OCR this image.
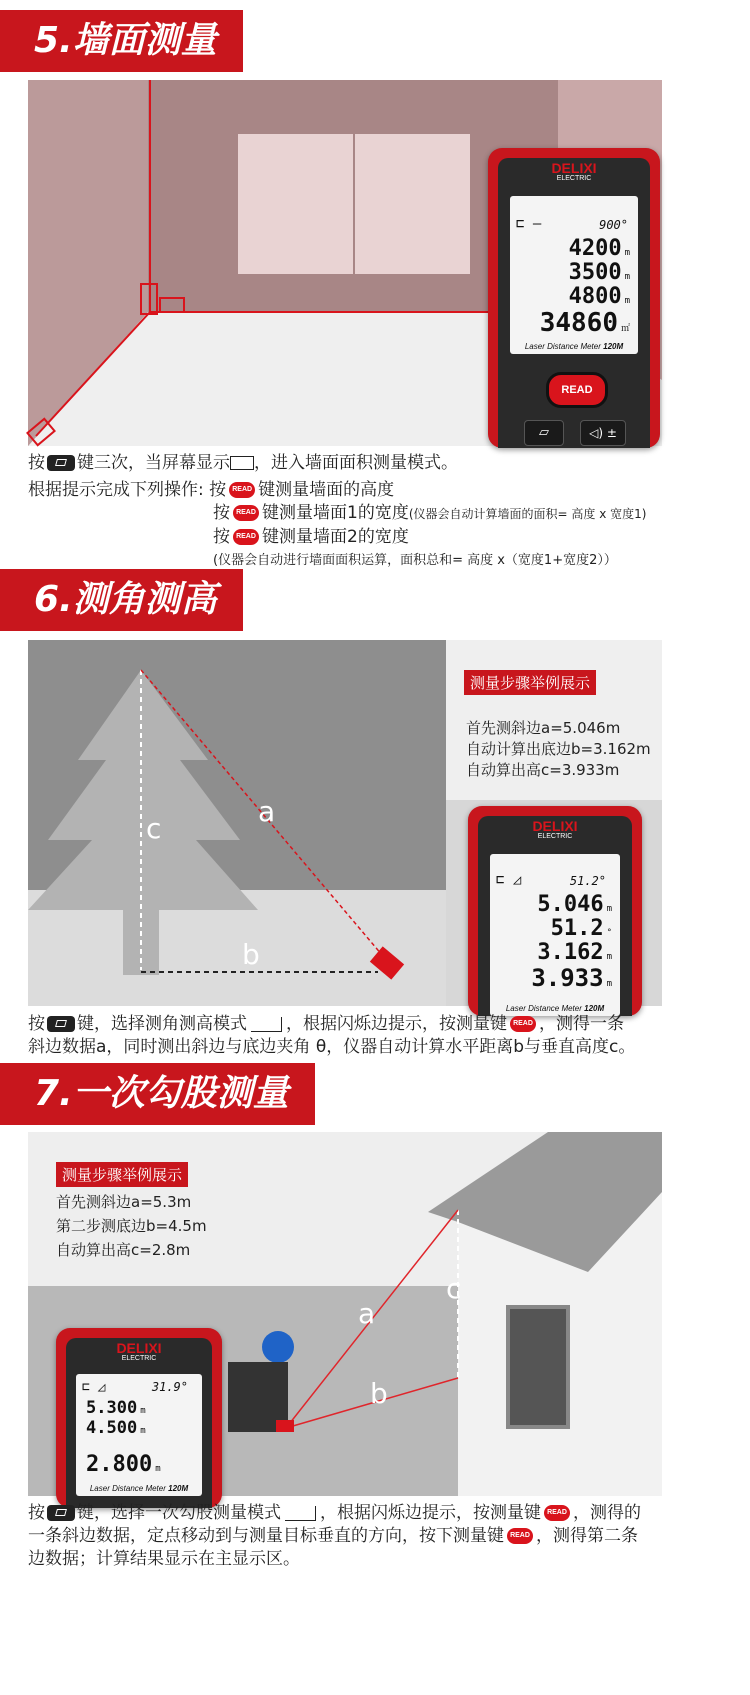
5.墙面测量
DELIXI
ELECTRIC
⊏ —	900°
4200 m
3500 m
4800 m
34860 ㎡
Laser Distance Meter 120M
READ
▱	◁) ±
按 键三次，当屏幕显示 ，进入墙面面积测量模式。
根据提示完成下列操作: 按 READ 键测量墙面的高度
按 READ 键测量墙面1的宽度(仪器会自动计算墙面的面积= 高度 x 宽度1)
按 READ 键测量墙面2的宽度
(仪器会自动进行墙面面积运算，面积总和= 高度 x（宽度1+宽度2））
6.测角测高
a
b
c
测量步骤举例展示
首先测斜边a=5.046m
自动计算出底边b=3.162m
自动算出高c=3.933m
DELIXI
ELECTRIC
⊏ ◿	51.2°
5.046 m
51.2 °
3.162 m
3.933 m
Laser Distance Meter 120M
按 键，选择测角测高模式 ，根据闪烁边提示，按测量键 READ ，测得一条
斜边数据a，同时测出斜边与底边夹角 θ，仪器自动计算水平距离b与垂直高度c。
7.一次勾股测量
a
b
c
测量步骤举例展示
首先测斜边a=5.3m
第二步测底边b=4.5m
自动算出高c=2.8m
DELIXI
ELECTRIC
⊏ ◿	31.9°
5.300 m
4.500 m
2.800 m
Laser Distance Meter 120M
按 键，选择一次勾股测量模式 ，根据闪烁边提示，按测量键 READ ，测得的
一条斜边数据，定点移动到与测量目标垂直的方向，按下测量键 READ ，测得第二条
边数据；计算结果显示在主显示区。
